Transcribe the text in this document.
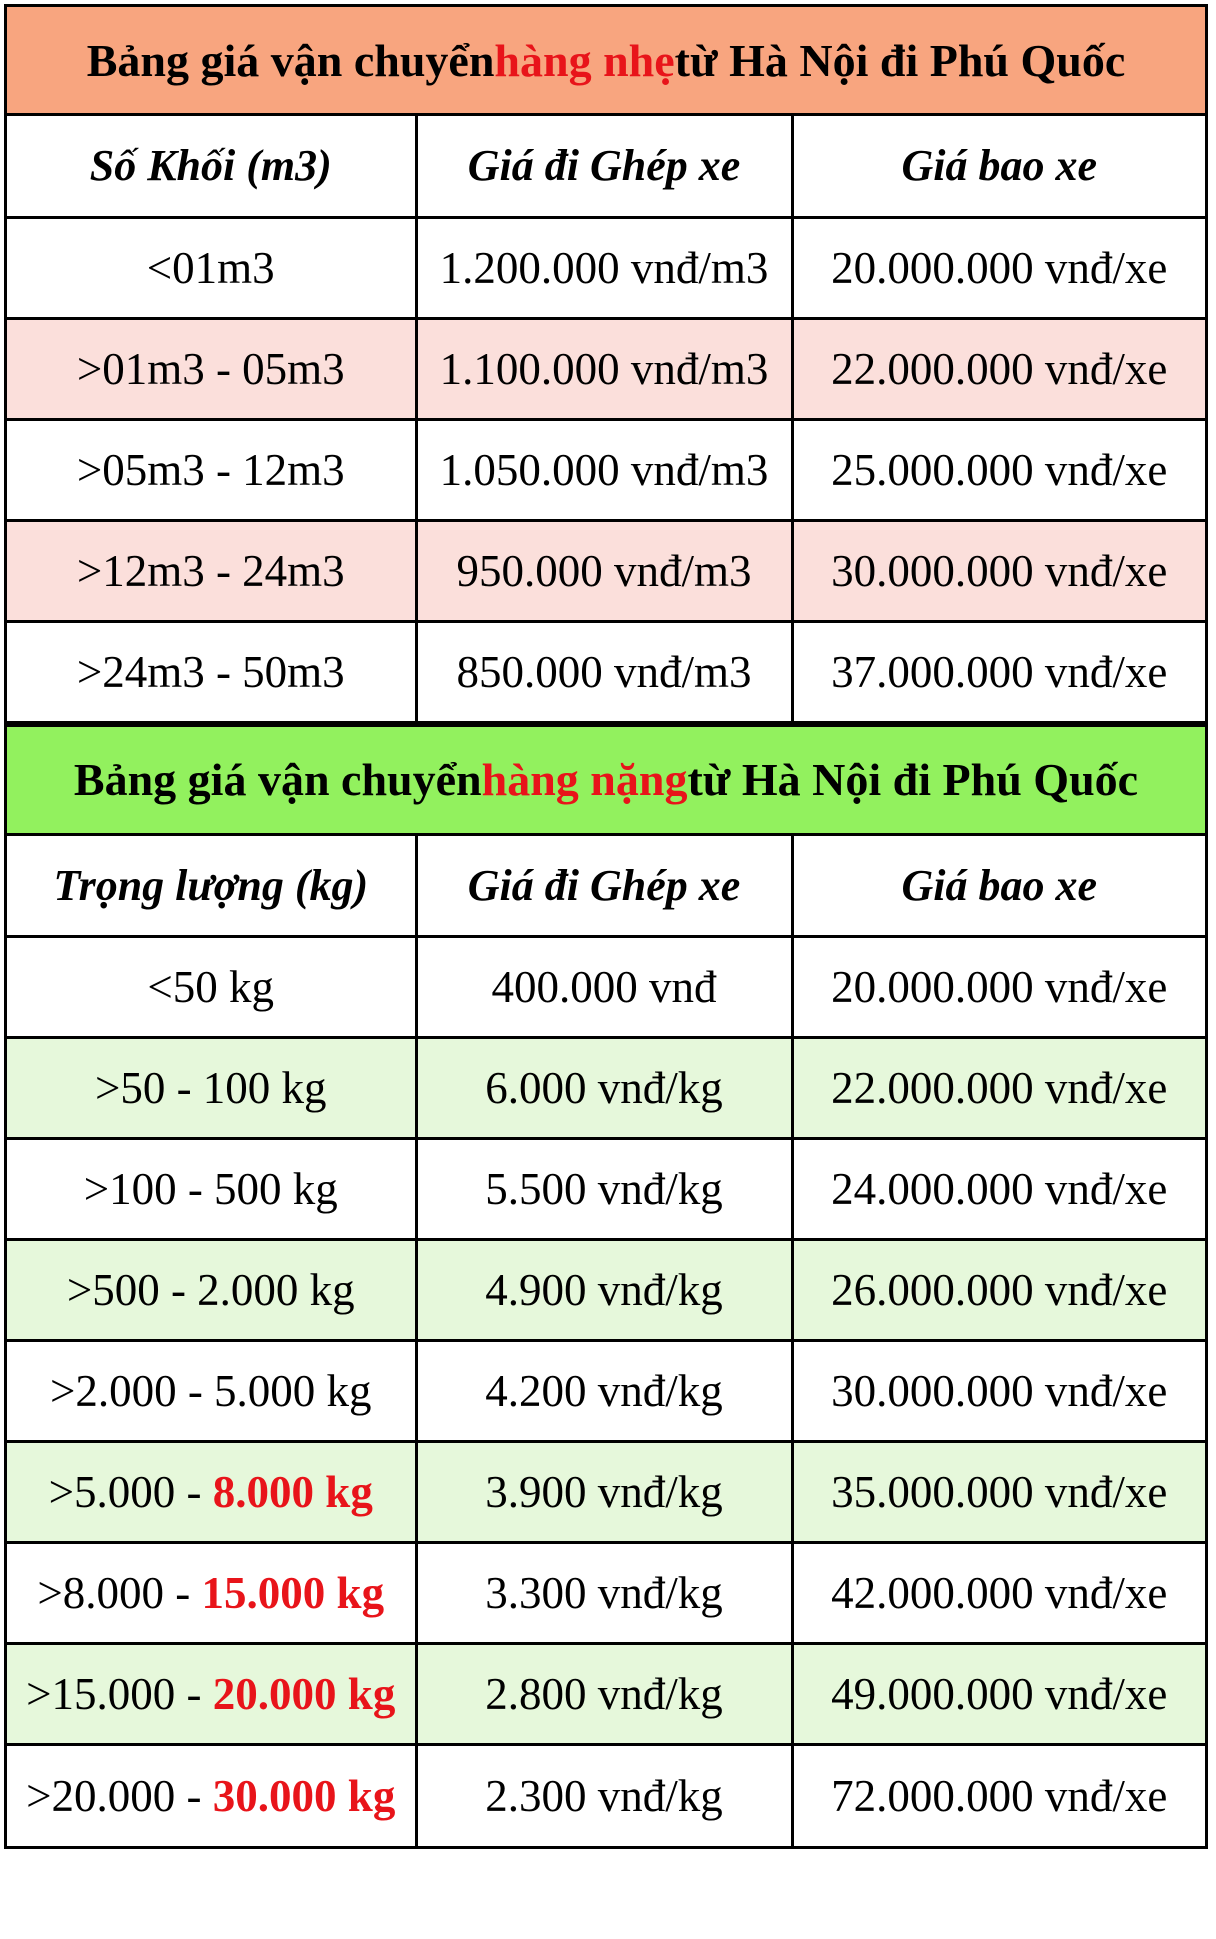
Bảng giá vận chuyển hàng nhẹ từ Hà Nội đi Phú Quốc
Số Khối (m3)	Giá đi Ghép xe	Giá bao xe
<01m3	1.200.000 vnđ/m3	20.000.000 vnđ/xe
>01m3 - 05m3	1.100.000 vnđ/m3	22.000.000 vnđ/xe
>05m3 - 12m3	1.050.000 vnđ/m3	25.000.000 vnđ/xe
>12m3 - 24m3	950.000 vnđ/m3	30.000.000 vnđ/xe
>24m3 - 50m3	850.000 vnđ/m3	37.000.000 vnđ/xe
Bảng giá vận chuyển hàng nặng từ Hà Nội đi Phú Quốc
Trọng lượng (kg)	Giá đi Ghép xe	Giá bao xe
<50 kg	400.000 vnđ	20.000.000 vnđ/xe
>50 - 100 kg	6.000 vnđ/kg	22.000.000 vnđ/xe
>100 - 500 kg	5.500 vnđ/kg	24.000.000 vnđ/xe
>500 - 2.000 kg	4.900 vnđ/kg	26.000.000 vnđ/xe
>2.000 - 5.000 kg	4.200 vnđ/kg	30.000.000 vnđ/xe
>5.000 - 8.000 kg	3.900 vnđ/kg	35.000.000 vnđ/xe
>8.000 - 15.000 kg	3.300 vnđ/kg	42.000.000 vnđ/xe
>15.000 - 20.000 kg	2.800 vnđ/kg	49.000.000 vnđ/xe
>20.000 - 30.000 kg	2.300 vnđ/kg	72.000.000 vnđ/xe
